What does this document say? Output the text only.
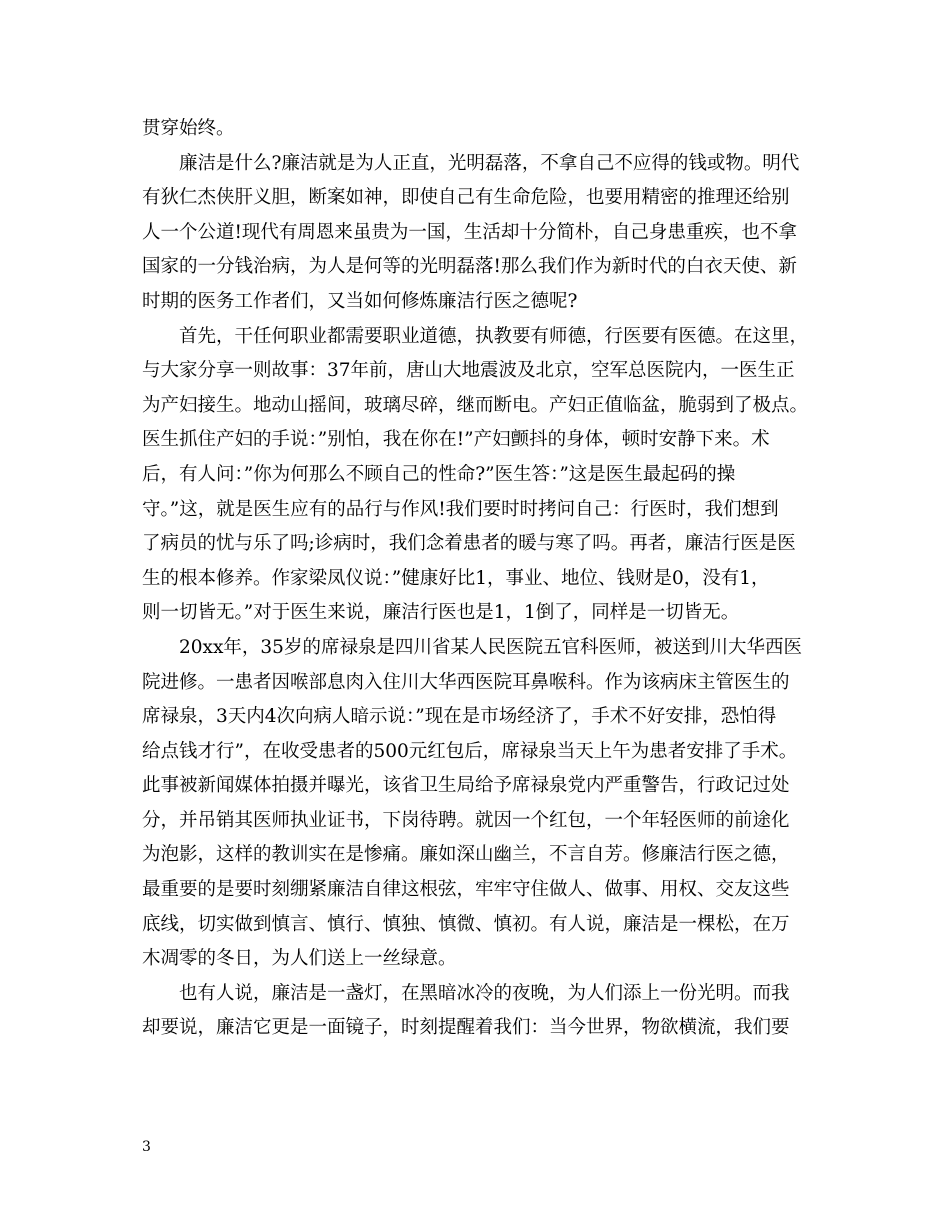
贯穿始终。
廉洁是什么?廉洁就是为人正直，光明磊落，不拿自己不应得的钱或物。明代
有狄仁杰侠肝义胆，断案如神，即使自己有生命危险，也要用精密的推理还给别
人一个公道!现代有周恩来虽贵为一国，生活却十分简朴，自己身患重疾，也不拿
国家的一分钱治病，为人是何等的光明磊落!那么我们作为新时代的白衣天使、新
时期的医务工作者们，又当如何修炼廉洁行医之德呢?
首先，干任何职业都需要职业道德，执教要有师德，行医要有医德。在这里，
与大家分享一则故事：37年前，唐山大地震波及北京，空军总医院内，一医生正
为产妇接生。地动山摇间，玻璃尽碎，继而断电。产妇正值临盆，脆弱到了极点。
医生抓住产妇的手说：”别怕，我在你在!”产妇颤抖的身体，顿时安静下来。术
后，有人问：”你为何那么不顾自己的性命?”医生答：”这是医生最起码的操
守。”这，就是医生应有的品行与作风!我们要时时拷问自己：行医时，我们想到
了病员的忧与乐了吗;诊病时，我们念着患者的暖与寒了吗。再者，廉洁行医是医
生的根本修养。作家梁凤仪说：”健康好比1，事业、地位、钱财是0，没有1，
则一切皆无。”对于医生来说，廉洁行医也是1，1倒了，同样是一切皆无。
20xx年，35岁的席禄泉是四川省某人民医院五官科医师，被送到川大华西医
院进修。一患者因喉部息肉入住川大华西医院耳鼻喉科。作为该病床主管医生的
席禄泉，3天内4次向病人暗示说：”现在是市场经济了，手术不好安排，恐怕得
给点钱才行”，在收受患者的500元红包后，席禄泉当天上午为患者安排了手术。
此事被新闻媒体拍摄并曝光，该省卫生局给予席禄泉党内严重警告，行政记过处
分，并吊销其医师执业证书，下岗待聘。就因一个红包，一个年轻医师的前途化
为泡影，这样的教训实在是惨痛。廉如深山幽兰，不言自芳。修廉洁行医之德，
最重要的是要时刻绷紧廉洁自律这根弦，牢牢守住做人、做事、用权、交友这些
底线，切实做到慎言、慎行、慎独、慎微、慎初。有人说，廉洁是一棵松，在万
木凋零的冬日，为人们送上一丝绿意。
也有人说，廉洁是一盏灯，在黑暗冰冷的夜晚，为人们添上一份光明。而我
却要说，廉洁它更是一面镜子，时刻提醒着我们：当今世界，物欲横流，我们要
3
